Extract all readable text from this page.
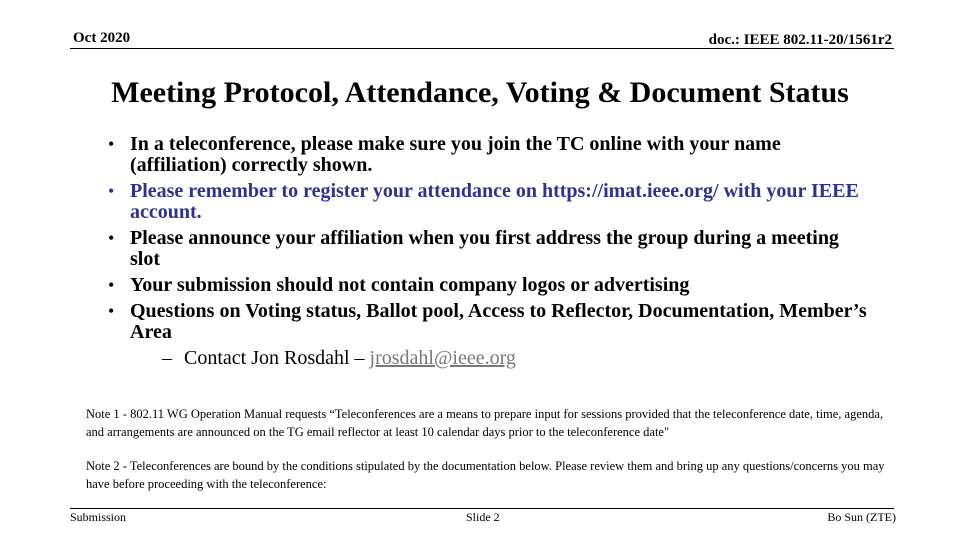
Oct 2020	doc.: IEEE 802.11-20/1561r2
Meeting Protocol, Attendance, Voting & Document Status
• In a teleconference, please make sure you join the TC online with your name (affiliation) correctly shown.
• Please remember to register your attendance on https://imat.ieee.org/ with your IEEE account.
• Please announce your affiliation when you first address the group during a meeting slot
• Your submission should not contain company logos or advertising
• Questions on Voting status, Ballot pool, Access to Reflector, Documentation, Member’s Area
– Contact Jon Rosdahl – jrosdahl@ieee.org
Note 1 - 802.11 WG Operation Manual requests “Teleconferences are a means to prepare input for sessions provided that the teleconference date, time, agenda, and arrangements are announced on the TG email reflector at least 10 calendar days prior to the teleconference date"
Note 2 - Teleconferences are bound by the conditions stipulated by the documentation below. Please review them and bring up any questions/concerns you may have before proceeding with the teleconference:
Submission	Slide 2	Bo Sun (ZTE)
